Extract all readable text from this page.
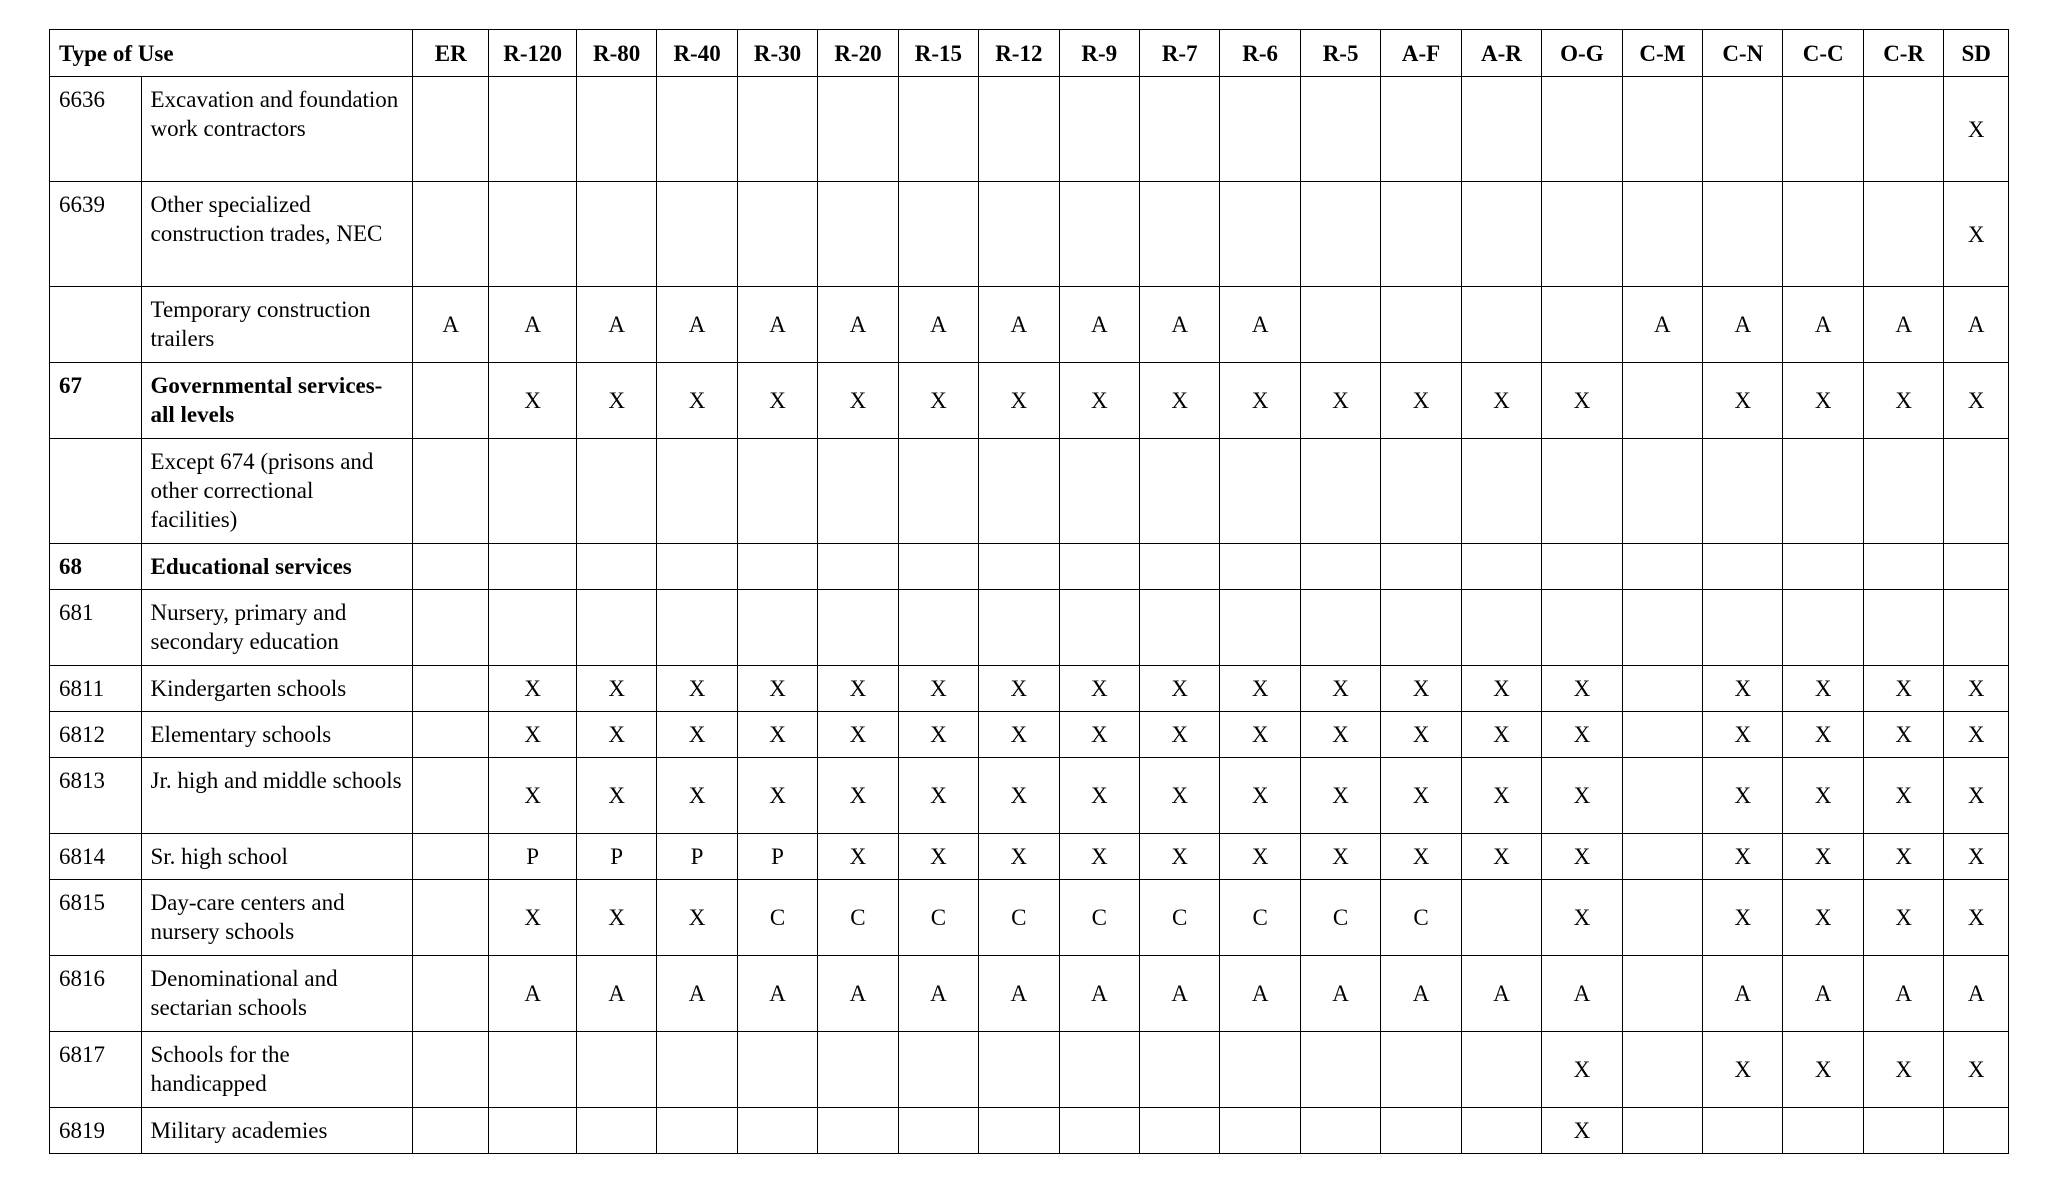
Type of Use		ER	R-120	R-80	R-40	R-30	R-20	R-15	R-12	R-9	R-7	R-6	R-5	A-F	A-R	O-G	C-M	C-N	C-C	C-R	SD
6636	Excavation and foundation work contractors																				X
6639	Other specialized construction trades, NEC																				X
	Temporary construction trailers	A	A	A	A	A	A	A	A	A	A	A					A	A	A	A	A
67	Governmental services-all levels		X	X	X	X	X	X	X	X	X	X	X	X	X	X		X	X	X	X
	Except 674 (prisons and other correctional facilities)																				
68	Educational services																				
681	Nursery, primary and secondary education																				
6811	Kindergarten schools		X	X	X	X	X	X	X	X	X	X	X	X	X	X		X	X	X	X
6812	Elementary schools		X	X	X	X	X	X	X	X	X	X	X	X	X	X		X	X	X	X
6813	Jr. high and middle schools		X	X	X	X	X	X	X	X	X	X	X	X	X	X		X	X	X	X
6814	Sr. high school		P	P	P	P	X	X	X	X	X	X	X	X	X	X		X	X	X	X
6815	Day-care centers and nursery schools		X	X	X	C	C	C	C	C	C	C	C	C		X		X	X	X	X
6816	Denominational and sectarian schools		A	A	A	A	A	A	A	A	A	A	A	A	A	A		A	A	A	A
6817	Schools for the handicapped															X		X	X	X	X
6819	Military academies															X					
